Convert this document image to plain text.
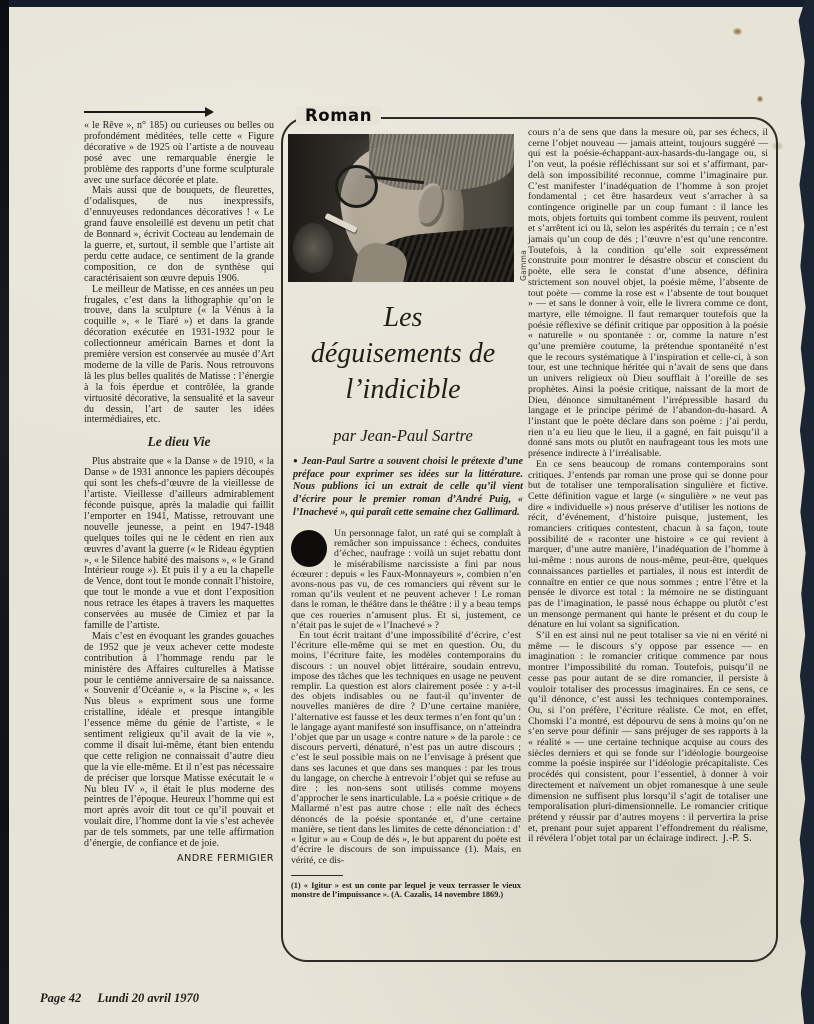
« le Rêve », n° 185) ou curieuses ou belles ou profondément méditées, telle cette « Figure décorative » de 1925 où l’artiste a de nouveau posé avec une remarquable énergie le problème des rapports d’une forme sculpturale avec une surface décorée et plate.

Mais aussi que de bouquets, de fleurettes, d’odalisques, de nus inexpressifs, d’ennuyeuses redondances décoratives ! « Le grand fauve ensoleillé est devenu un petit chat de Bonnard », écrivit Cocteau au lendemain de la guerre, et, surtout, il semble que l’artiste ait perdu cette audace, ce sentiment de la grande composition, ce don de synthèse qui caractérisaient son œuvre depuis 1906.

Le meilleur de Matisse, en ces années un peu frugales, c’est dans la lithographie qu’on le trouve, dans la sculpture (« la Vénus à la coquille », « le Tiaré ») et dans la grande décoration exécutée en 1931-1932 pour le collectionneur américain Barnes et dont la première version est conservée au musée d’Art moderne de la ville de Paris. Nous retrouvons là les plus belles qualités de Matisse : l’énergie à la fois éperdue et contrôlée, la grande virtuosité décorative, la sensualité et la saveur du dessin, l’art de sauter les idées intermédiaires, etc.

Le dieu Vie

Plus abstraite que « la Danse » de 1910, « la Danse » de 1931 annonce les papiers découpés qui sont les chefs-d’œuvre de la vieillesse de l’artiste. Vieillesse d’ailleurs admirablement féconde puisque, après la maladie qui faillit l’emporter en 1941, Matisse, retrouvant une nouvelle jeunesse, a peint en 1947-1948 quelques toiles qui ne le cèdent en rien aux œuvres d’avant la guerre (« le Rideau égyptien », « le Silence habité des maisons », « le Grand Intérieur rouge »). Et puis il y a eu la chapelle de Vence, dont tout le monde connaît l’histoire, que tout le monde a vue et dont l’exposition nous retrace les étapes à travers les maquettes conservées au musée de Cimiez et par la famille de l’artiste.

Mais c’est en évoquant les grandes gouaches de 1952 que je veux achever cette modeste contribution à l’hommage rendu par le ministère des Affaires culturelles à Matisse pour le centième anniversaire de sa naissance. « Souvenir d’Océanie », « la Piscine », « les Nus bleus » expriment sous une forme cristalline, idéale et presque intangible l’essence même du génie de l’artiste, « le sentiment religieux qu’il avait de la vie », comme il disait lui-même, étant bien entendu que cette religion ne connaissait d’autre dieu que la vie elle-même. Et il n’est pas nécessaire de préciser que lorsque Matisse exécutait le « Nu bleu IV », il était le plus moderne des peintres de l’époque. Heureux l’homme qui est mort après avoir dit tout ce qu’il pouvait et voulait dire, l’homme dont la vie s’est achevée par de tels sommets, par une telle affirmation d’énergie, de confiance et de joie.

ANDRE FERMIGIER
Roman
Gamma
Les
déguisements de
l’indicible
par Jean-Paul Sartre
● Jean-Paul Sartre a souvent choisi le prétexte d’une préface pour exprimer ses idées sur la littérature. Nous publions ici un extrait de celle qu’il vient d’écrire pour le premier roman d’André Puig, « l’Inachevé », qui paraît cette semaine chez Gallimard.

Un personnage falot, un raté qui se complaît à remâcher son impuissance : échecs, conduites d’échec, naufrage : voilà un sujet rebattu dont le misérabilisme narcissiste a fini par nous écœurer : depuis « les Faux-Monnayeurs », combien n’en avons-nous pas vu, de ces romanciers qui rêvent sur le roman qu’ils veulent et ne peuvent achever ! Le roman dans le roman, le théâtre dans le théâtre : il y a beau temps que ces roueries n’amusent plus. Et si, justement, ce n’était pas le sujet de « l’Inachevé » ?

En tout écrit traitant d’une impossibilité d’écrire, c’est l’écriture elle-même qui se met en question. Ou, du moins, l’écriture faite, les modèles contemporains du discours : un nouvel objet littéraire, soudain entrevu, impose des tâches que les techniques en usage ne peuvent remplir. La question est alors clairement posée : y a-t-il des objets indisables ou ne faut-il qu’inventer de nouvelles manières de dire ? D’une certaine manière, l’alternative est fausse et les deux termes n’en font qu’un : le langage ayant manifesté son insuffisance, on n’atteindra l’objet que par un usage « contre nature » de la parole : ce discours perverti, dénaturé, n’est pas un autre discours ; c’est le seul possible mais on ne l’envisage à présent que dans ses lacunes et que dans ses manques : par les trous du langage, on cherche à entrevoir l’objet qui se refuse au dire ; les non-sens sont utilisés comme moyens d’approcher le sens inarticulable. La « poésie critique » de Mallarmé n’est pas autre chose : elle naît des échecs dénoncés de la poésie spontanée et, d’une certaine manière, se tient dans les limites de cette dénonciation : d’ « Igitur » au « Coup de dés », le but apparent du poète est d’écrire le discours de son impuissance (1). Mais, en vérité, ce dis-

(1) « Igitur » est un conte par lequel je veux terrasser le vieux monstre de l’impuissance ». (A. Cazalis, 14 novembre 1869.)

cours n’a de sens que dans la mesure où, par ses échecs, il cerne l’objet nouveau — jamais atteint, toujours suggéré — qui est la poésie-échappant-aux-hasards-du-langage ou, si l’on veut, la poésie réfléchissant sur soi et s’affirmant, par-delà son impossibilité reconnue, comme l’imaginaire pur. C’est manifester l’inadéquation de l’homme à son projet fondamental ; cet être hasardeux veut s’arracher à sa contingence originelle par un coup fumant : il lance les mots, objets fortuits qui tombent comme ils peuvent, roulent et s’arrêtent ici ou là, selon les aspérités du terrain ; ce n’est jamais qu’un coup de dés ; l’œuvre n’est qu’une rencontre. Toutefois, à la condition qu’elle soit expressément construite pour montrer le désastre obscur et conscient du poète, elle sera le constat d’une absence, définira strictement son nouvel objet, la poésie même, l’absente de tout poète — comme la rose est « l’absente de tout bouquet » — et sans le donner à voir, elle le livrera comme ce dont, martyre, elle témoigne. Il faut remarquer toutefois que la poésie réflexive se définit critique par opposition à la poésie « naturelle » ou spontanée : or, comme la nature n’est qu’une première coutume, la prétendue spontanéité n’est que le recours systématique à l’inspiration et celle-ci, à son tour, est une technique héritée qui n’avait de sens que dans un univers religieux où Dieu soufflait à l’oreille de ses prophètes. Ainsi la poésie critique, naissant de la mort de Dieu, dénonce simultanément l’irrépressible hasard du langage et le principe périmé de l’abandon-du-hasard. A l’instant que le poète déclare dans son poème : j’ai perdu, rien n’a eu lieu que le lieu, il a gagné, en fait puisqu’il a donné sans mots ou plutôt en naufrageant tous les mots une présence indirecte à l’irréalisable.

En ce sens beaucoup de romans contemporains sont critiques. J’entends par roman une prose qui se donne pour but de totaliser une temporalisation singulière et fictive. Cette définition vague et large (« singulière » ne veut pas dire « individuelle ») nous préserve d’utiliser les notions de récit, d’événement, d’histoire puisque, justement, les romanciers critiques contestent, chacun à sa façon, toute possibilité de « raconter une histoire » ce qui revient à marquer, d’une autre manière, l’inadéquation de l’homme à lui-même : nous aurons de nous-même, peut-être, quelques connaissances partielles et partiales, il nous est interdit de connaître en entier ce que nous sommes ; entre l’être et la pensée le divorce est total : la mémoire ne se distinguant pas de l’imagination, le passé nous échappe ou plutôt c’est un mensonge permanent qui hante le présent et du coup le dénature en lui volant sa signification.

S’il en est ainsi nul ne peut totaliser sa vie ni en vérité ni même — le discours s’y oppose par essence — en imagination : le romancier critique commence par nous montrer l’impossibilité du roman. Toutefois, puisqu’il ne cesse pas pour autant de se dire romancier, il persiste à vouloir totaliser des processus imaginaires. En ce sens, ce qu’il dénonce, c’est aussi les techniques contemporaines. Ou, si l’on préfère, l’écriture réaliste. Ce mot, en effet, Chomski l’a montré, est dépourvu de sens à moins qu’on ne s’en serve pour définir — sans préjuger de ses rapports à la « réalité » — une certaine technique acquise au cours des siècles derniers et qui se fonde sur l’idéologie bourgeoise comme la poésie inspirée sur l’idéologie précapitaliste. Ces procédés qui consistent, pour l’essentiel, à donner à voir directement et naïvement un objet romanesque à une seule dimension ne suffisent plus lorsqu’il s’agit de totaliser une temporalisation pluri-dimensionnelle. Le romancier critique prétend y réussir par d’autres moyens : il pervertira la prise et, prenant pour sujet apparent l’effondrement du réalisme, il révélera l’objet total par un éclairage indirect. J.-P. S.
Page 42 Lundi 20 avril 1970
